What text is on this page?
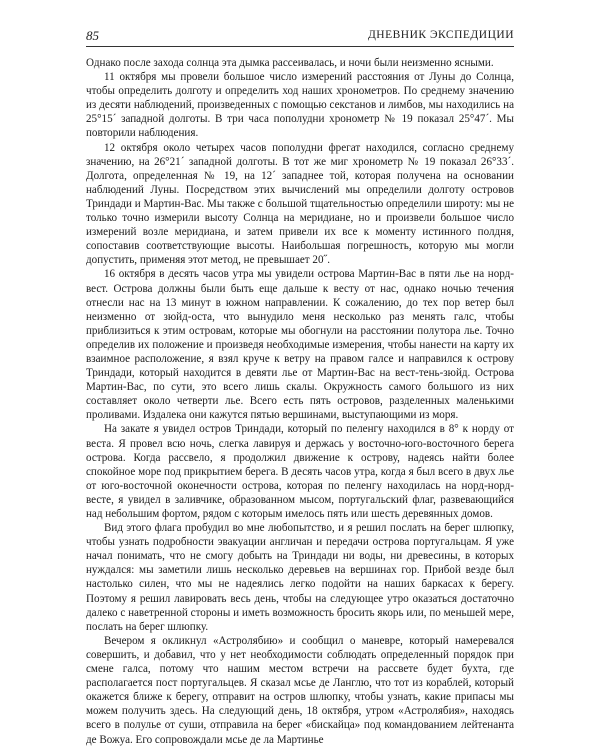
85	ДНЕВНИК ЭКСПЕДИЦИИ

Однако после захода солнца эта дымка рассеивалась, и ночи были неизменно ясными.

11 октября мы провели большое число измерений расстояния от Луны до Солнца, чтобы определить долготу и определить ход наших хронометров. По среднему значению из десяти наблюдений, произведенных с помощью секстанов и лимбов, мы находились на 25°15´ западной долготы. В три часа пополудни хронометр № 19 показал 25°47´. Мы повторили наблюдения.

12 октября около четырех часов пополудни фрегат находился, согласно среднему значению, на 26°21´ западной долготы. В тот же миг хронометр № 19 показал 26°33´. Долгота, определенная № 19, на 12´ западнее той, которая получена на основании наблюдений Луны. Посредством этих вычислений мы определили долготу островов Триндади и Мартин-Вас. Мы также с большой тщательностью определили широту: мы не только точно измерили высоту Солнца на меридиане, но и произвели большое число измерений возле меридиана, и затем привели их все к моменту истинного полдня, сопоставив соответствующие высоты. Наибольшая погрешность, которую мы могли допустить, применяя этот метод, не превышает 20˝.

16 октября в десять часов утра мы увидели острова Мартин-Вас в пяти лье на норд-вест. Острова должны были быть еще дальше к весту от нас, однако ночью течения отнесли нас на 13 минут в южном направлении. К сожалению, до тех пор ветер был неизменно от зюйд-оста, что вынудило меня несколько раз менять галс, чтобы приблизиться к этим островам, которые мы обогнули на расстоянии полутора лье. Точно определив их положение и произведя необходимые измерения, чтобы нанести на карту их взаимное расположение, я взял круче к ветру на правом галсе и направился к острову Триндади, который находится в девяти лье от Мартин-Вас на вест-тень-зюйд. Острова Мартин-Вас, по сути, это всего лишь скалы. Окружность самого большого из них составляет около четверти лье. Всего есть пять островов, разделенных маленькими проливами. Издалека они кажутся пятью вершинами, выступающими из моря.

На закате я увидел остров Триндади, который по пеленгу находился в 8° к норду от веста. Я провел всю ночь, слегка лавируя и держась у восточно-юго-восточного берега острова. Когда рассвело, я продолжил движение к острову, надеясь найти более спокойное море под прикрытием берега. В десять часов утра, когда я был всего в двух лье от юго-восточной оконечности острова, которая по пеленгу находилась на норд-норд-весте, я увидел в заливчике, образованном мысом, португальский флаг, развевающийся над небольшим фортом, рядом с которым имелось пять или шесть деревянных домов.

Вид этого флага пробудил во мне любопытство, и я решил послать на берег шлюпку, чтобы узнать подробности эвакуации англичан и передачи острова португальцам. Я уже начал понимать, что не смогу добыть на Триндади ни воды, ни древесины, в которых нуждался: мы заметили лишь несколько деревьев на вершинах гор. Прибой везде был настолько силен, что мы не надеялись легко подойти на наших баркасах к берегу. Поэтому я решил лавировать весь день, чтобы на следующее утро оказаться достаточно далеко с наветренной стороны и иметь возможность бросить якорь или, по меньшей мере, послать на берег шлюпку.

Вечером я окликнул «Астролябию» и сообщил о маневре, который намеревался совершить, и добавил, что у нет необходимости соблюдать определенный порядок при смене галса, потому что нашим местом встречи на рассвете будет бухта, где располагается пост португальцев. Я сказал мсье де Ланглю, что тот из кораблей, который окажется ближе к берегу, отправит на остров шлюпку, чтобы узнать, какие припасы мы можем получить здесь. На следующий день, 18 октября, утром «Астролябия», находясь всего в полулье от суши, отправила на берег «бискайца» под командованием лейтенанта де Вожуа. Его сопровождали мсье де ла Мартинье
